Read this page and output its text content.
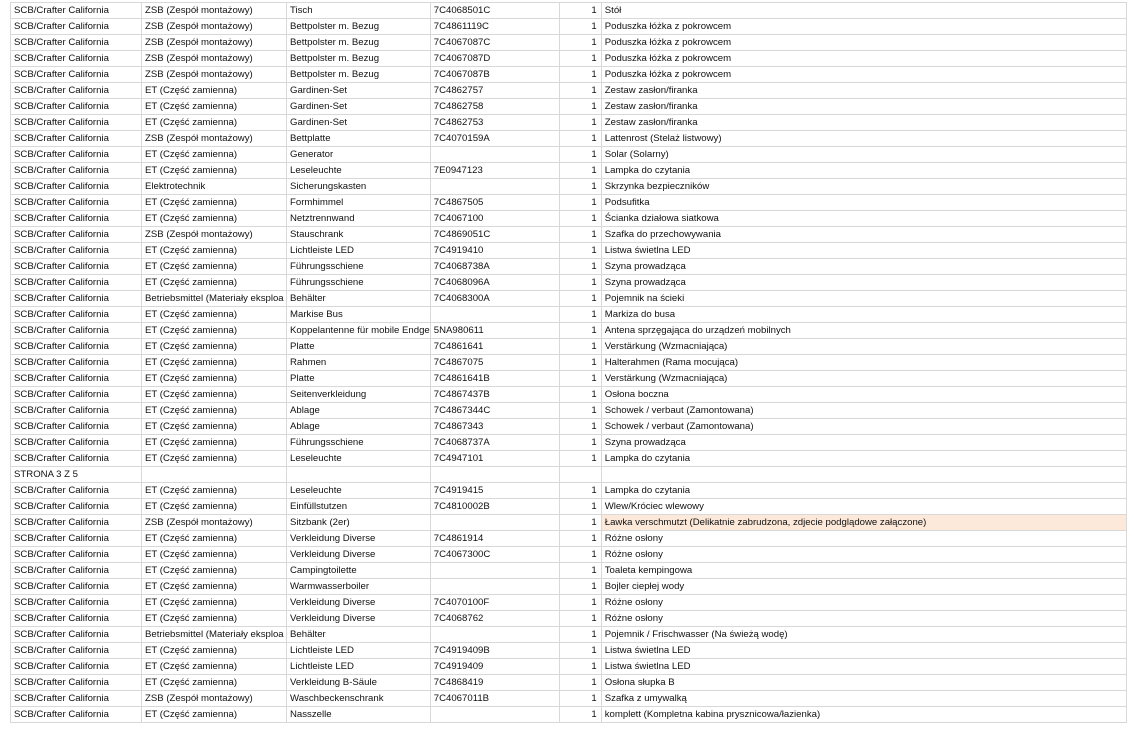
SCB/Crafter California	ZSB (Zespół montażowy)	Tisch	7C4068501C	1	Stół
SCB/Crafter California	ZSB (Zespół montażowy)	Bettpolster m. Bezug	7C4861119C	1	Poduszka łóżka z pokrowcem
SCB/Crafter California	ZSB (Zespół montażowy)	Bettpolster m. Bezug	7C4067087C	1	Poduszka łóżka z pokrowcem
SCB/Crafter California	ZSB (Zespół montażowy)	Bettpolster m. Bezug	7C4067087D	1	Poduszka łóżka z pokrowcem
SCB/Crafter California	ZSB (Zespół montażowy)	Bettpolster m. Bezug	7C4067087B	1	Poduszka łóżka z pokrowcem
SCB/Crafter California	ET (Część zamienna)	Gardinen-Set	7C4862757	1	Zestaw zasłon/firanka
SCB/Crafter California	ET (Część zamienna)	Gardinen-Set	7C4862758	1	Zestaw zasłon/firanka
SCB/Crafter California	ET (Część zamienna)	Gardinen-Set	7C4862753	1	Zestaw zasłon/firanka
SCB/Crafter California	ZSB (Zespół montażowy)	Bettplatte	7C4070159A	1	Lattenrost (Stelaż listwowy)
SCB/Crafter California	ET (Część zamienna)	Generator		1	Solar (Solarny)
SCB/Crafter California	ET (Część zamienna)	Leseleuchte	7E0947123	1	Lampka do czytania
SCB/Crafter California	Elektrotechnik	Sicherungskasten		1	Skrzynka bezpieczników
SCB/Crafter California	ET (Część zamienna)	Formhimmel	7C4867505	1	Podsufitka
SCB/Crafter California	ET (Część zamienna)	Netztrennwand	7C4067100	1	Ścianka działowa siatkowa
SCB/Crafter California	ZSB (Zespół montażowy)	Stauschrank	7C4869051C	1	Szafka do przechowywania
SCB/Crafter California	ET (Część zamienna)	Lichtleiste LED	7C4919410	1	Listwa świetlna LED
SCB/Crafter California	ET (Część zamienna)	Führungsschiene	7C4068738A	1	Szyna prowadząca
SCB/Crafter California	ET (Część zamienna)	Führungsschiene	7C4068096A	1	Szyna prowadząca
SCB/Crafter California	Betriebsmittel (Materiały eksploa	Behälter	7C4068300A	1	Pojemnik na ścieki
SCB/Crafter California	ET (Część zamienna)	Markise Bus		1	Markiza do busa
SCB/Crafter California	ET (Część zamienna)	Koppelantenne für mobile Endge	5NA980611	1	Antena sprzęgająca do urządzeń mobilnych
SCB/Crafter California	ET (Część zamienna)	Platte	7C4861641	1	Verstärkung (Wzmacniająca)
SCB/Crafter California	ET (Część zamienna)	Rahmen	7C4867075	1	Halterahmen (Rama mocująca)
SCB/Crafter California	ET (Część zamienna)	Platte	7C4861641B	1	Verstärkung (Wzmacniająca)
SCB/Crafter California	ET (Część zamienna)	Seitenverkleidung	7C4867437B	1	Osłona boczna
SCB/Crafter California	ET (Część zamienna)	Ablage	7C4867344C	1	Schowek / verbaut (Zamontowana)
SCB/Crafter California	ET (Część zamienna)	Ablage	7C4867343	1	Schowek / verbaut (Zamontowana)
SCB/Crafter California	ET (Część zamienna)	Führungsschiene	7C4068737A	1	Szyna prowadząca
SCB/Crafter California	ET (Część zamienna)	Leseleuchte	7C4947101	1	Lampka do czytania
STRONA 3 Z 5					
SCB/Crafter California	ET (Część zamienna)	Leseleuchte	7C4919415	1	Lampka do czytania
SCB/Crafter California	ET (Część zamienna)	Einfüllstutzen	7C4810002B	1	Wlew/Króciec wlewowy
SCB/Crafter California	ZSB (Zespół montażowy)	Sitzbank (2er)		1	Ławka verschmutzt (Delikatnie zabrudzona, zdjecie podglądowe załączone)
SCB/Crafter California	ET (Część zamienna)	Verkleidung Diverse	7C4861914	1	Różne osłony
SCB/Crafter California	ET (Część zamienna)	Verkleidung Diverse	7C4067300C	1	Różne osłony
SCB/Crafter California	ET (Część zamienna)	Campingtoilette		1	Toaleta kempingowa
SCB/Crafter California	ET (Część zamienna)	Warmwasserboiler		1	Bojler ciepłej wody
SCB/Crafter California	ET (Część zamienna)	Verkleidung Diverse	7C4070100F	1	Różne osłony
SCB/Crafter California	ET (Część zamienna)	Verkleidung Diverse	7C4068762	1	Różne osłony
SCB/Crafter California	Betriebsmittel (Materiały eksploa	Behälter		1	Pojemnik / Frischwasser (Na świeżą wodę)
SCB/Crafter California	ET (Część zamienna)	Lichtleiste LED	7C4919409B	1	Listwa świetlna LED
SCB/Crafter California	ET (Część zamienna)	Lichtleiste LED	7C4919409	1	Listwa świetlna LED
SCB/Crafter California	ET (Część zamienna)	Verkleidung B-Säule	7C4868419	1	Osłona słupka B
SCB/Crafter California	ZSB (Zespół montażowy)	Waschbeckenschrank	7C4067011B	1	Szafka z umywalką
SCB/Crafter California	ET (Część zamienna)	Nasszelle		1	komplett (Kompletna kabina prysznicowa/łazienka)
